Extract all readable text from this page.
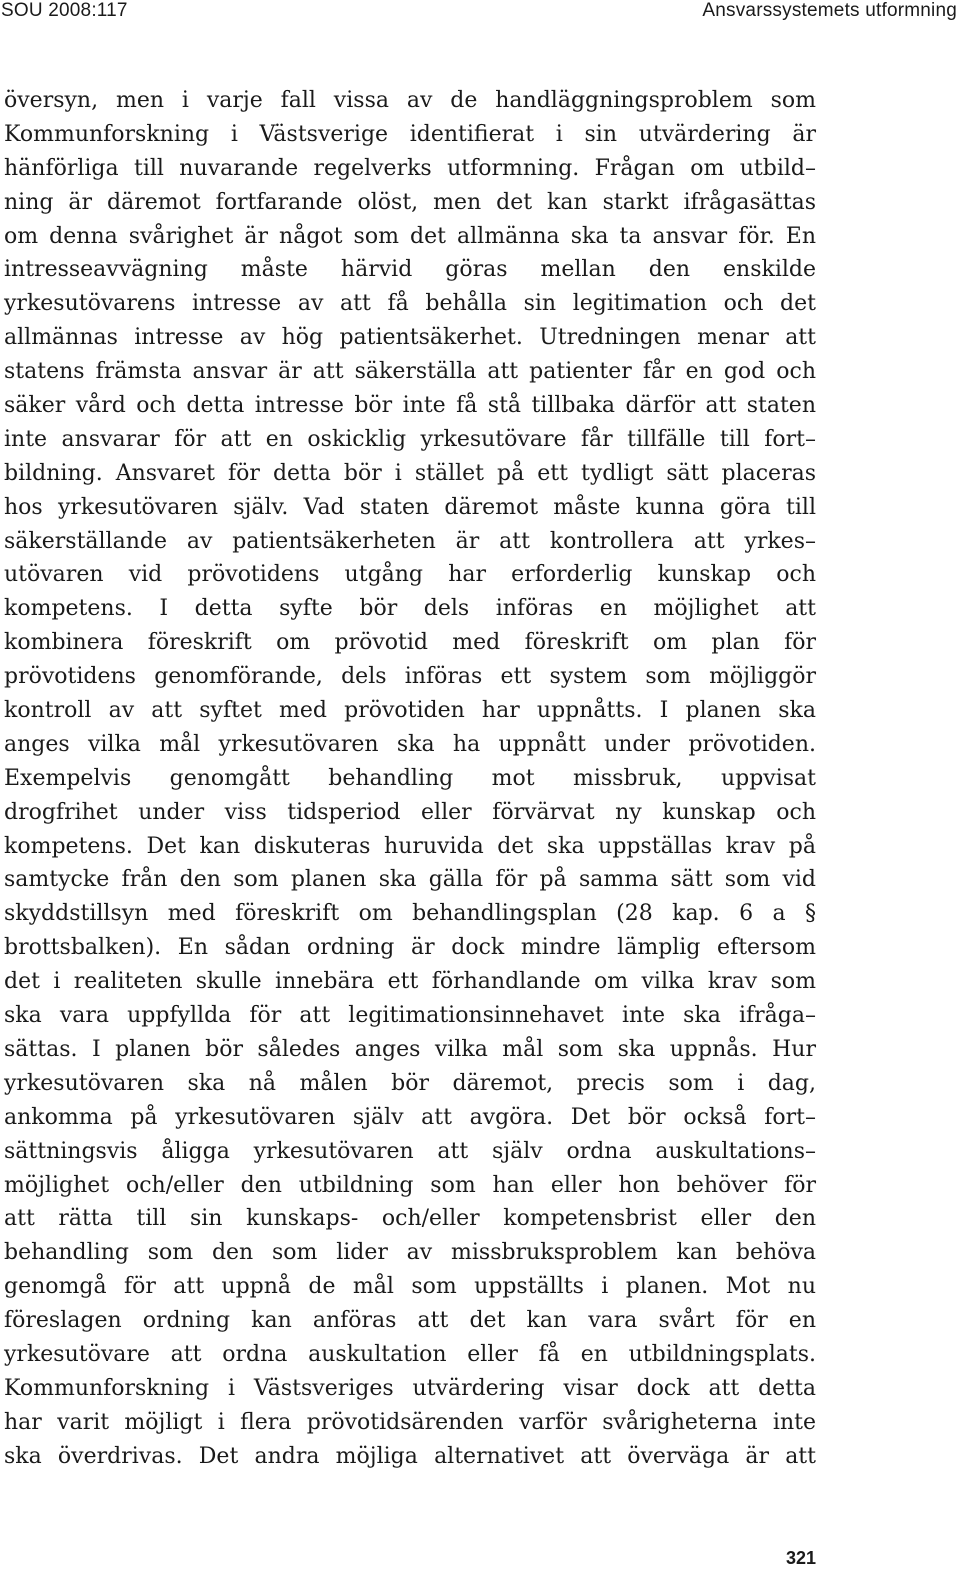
SOU 2008:117	Ansvarssystemets utformning
översyn, men i varje fall vissa av de handläggningsproblem som
Kommunforskning i Västsverige identifierat i sin utvärdering är
hänförliga till nuvarande regelverks utformning. Frågan om utbild–
ning är däremot fortfarande olöst, men det kan starkt ifrågasättas
om denna svårighet är något som det allmänna ska ta ansvar för. En
intresseavvägning måste härvid göras mellan den enskilde
yrkesutövarens intresse av att få behålla sin legitimation och det
allmännas intresse av hög patientsäkerhet. Utredningen menar att
statens främsta ansvar är att säkerställa att patienter får en god och
säker vård och detta intresse bör inte få stå tillbaka därför att staten
inte ansvarar för att en oskicklig yrkesutövare får tillfälle till fort–
bildning. Ansvaret för detta bör i stället på ett tydligt sätt placeras
hos yrkesutövaren själv. Vad staten däremot måste kunna göra till
säkerställande av patientsäkerheten är att kontrollera att yrkes–
utövaren vid prövotidens utgång har erforderlig kunskap och
kompetens. I detta syfte bör dels införas en möjlighet att
kombinera föreskrift om prövotid med föreskrift om plan för
prövotidens genomförande, dels införas ett system som möjliggör
kontroll av att syftet med prövotiden har uppnåtts. I planen ska
anges vilka mål yrkesutövaren ska ha uppnått under prövotiden.
Exempelvis genomgått behandling mot missbruk, uppvisat
drogfrihet under viss tidsperiod eller förvärvat ny kunskap och
kompetens. Det kan diskuteras huruvida det ska uppställas krav på
samtycke från den som planen ska gälla för på samma sätt som vid
skyddstillsyn med föreskrift om behandlingsplan (28 kap. 6 a §
brottsbalken). En sådan ordning är dock mindre lämplig eftersom
det i realiteten skulle innebära ett förhandlande om vilka krav som
ska vara uppfyllda för att legitimationsinnehavet inte ska ifråga–
sättas. I planen bör således anges vilka mål som ska uppnås. Hur
yrkesutövaren ska nå målen bör däremot, precis som i dag,
ankomma på yrkesutövaren själv att avgöra. Det bör också fort–
sättningsvis åligga yrkesutövaren att själv ordna auskultations–
möjlighet och/eller den utbildning som han eller hon behöver för
att rätta till sin kunskaps- och/eller kompetensbrist eller den
behandling som den som lider av missbruksproblem kan behöva
genomgå för att uppnå de mål som uppställts i planen. Mot nu
föreslagen ordning kan anföras att det kan vara svårt för en
yrkesutövare att ordna auskultation eller få en utbildningsplats.
Kommunforskning i Västsveriges utvärdering visar dock att detta
har varit möjligt i flera prövotidsärenden varför svårigheterna inte
ska överdrivas. Det andra möjliga alternativet att överväga är att
321
